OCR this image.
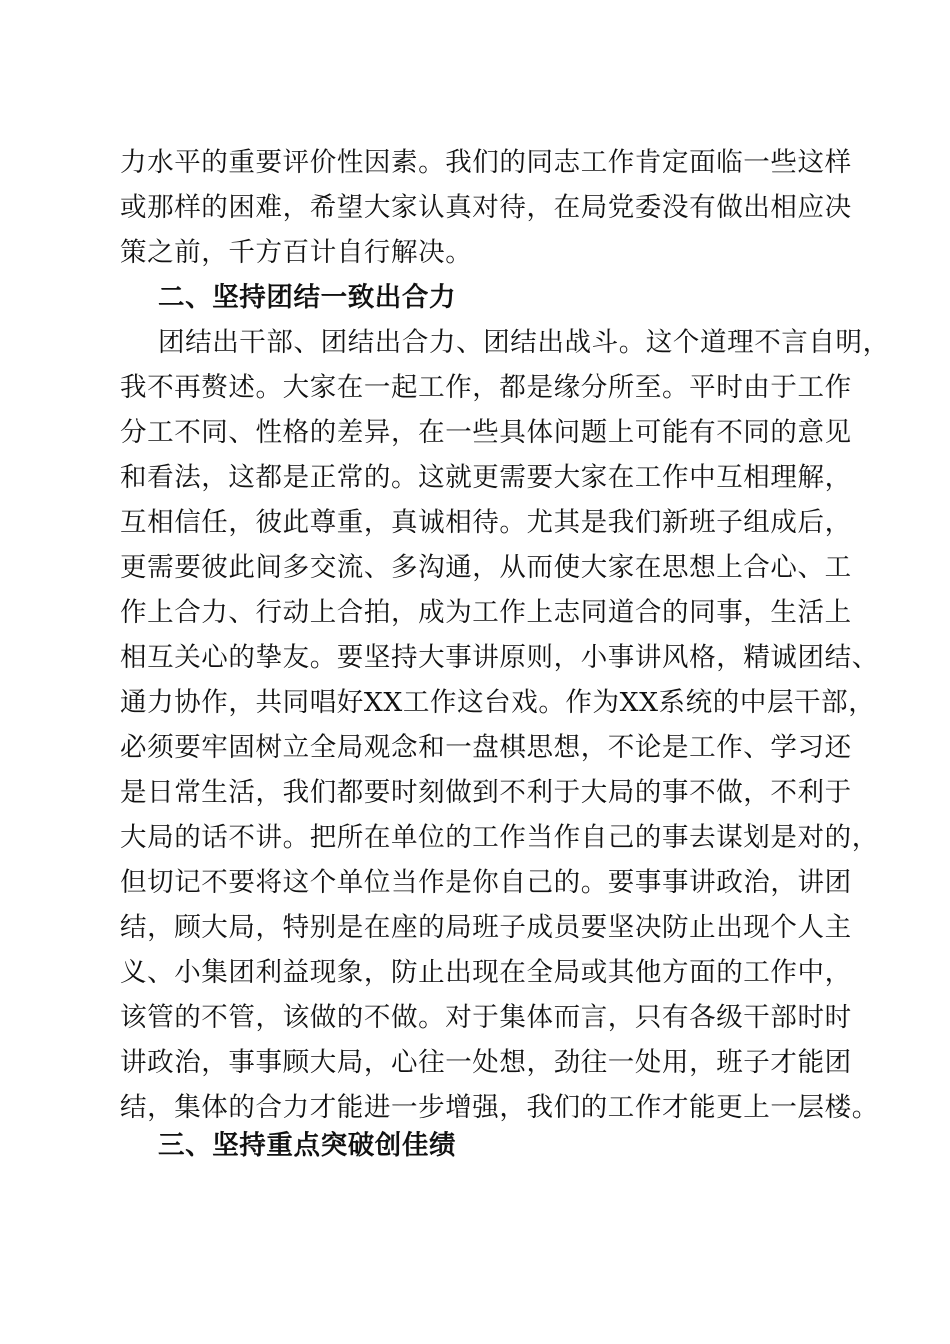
力水平的重要评价性因素。我们的同志工作肯定面临一些这样
或那样的困难，希望大家认真对待，在局党委没有做出相应决
策之前，千方百计自行解决。
二、坚持团结一致出合力
团结出干部、团结出合力、团结出战斗。这个道理不言自明，
我不再赘述。大家在一起工作，都是缘分所至。平时由于工作
分工不同、性格的差异，在一些具体问题上可能有不同的意见
和看法，这都是正常的。这就更需要大家在工作中互相理解，
互相信任，彼此尊重，真诚相待。尤其是我们新班子组成后，
更需要彼此间多交流、多沟通，从而使大家在思想上合心、工
作上合力、行动上合拍，成为工作上志同道合的同事，生活上
相互关心的挚友。要坚持大事讲原则，小事讲风格，精诚团结、
通力协作，共同唱好XX工作这台戏。作为XX系统的中层干部，
必须要牢固树立全局观念和一盘棋思想，不论是工作、学习还
是日常生活，我们都要时刻做到不利于大局的事不做，不利于
大局的话不讲。把所在单位的工作当作自己的事去谋划是对的，
但切记不要将这个单位当作是你自己的。要事事讲政治，讲团
结，顾大局，特别是在座的局班子成员要坚决防止出现个人主
义、小集团利益现象，防止出现在全局或其他方面的工作中，
该管的不管，该做的不做。对于集体而言，只有各级干部时时
讲政治，事事顾大局，心往一处想，劲往一处用，班子才能团
结，集体的合力才能进一步增强，我们的工作才能更上一层楼。
三、坚持重点突破创佳绩
